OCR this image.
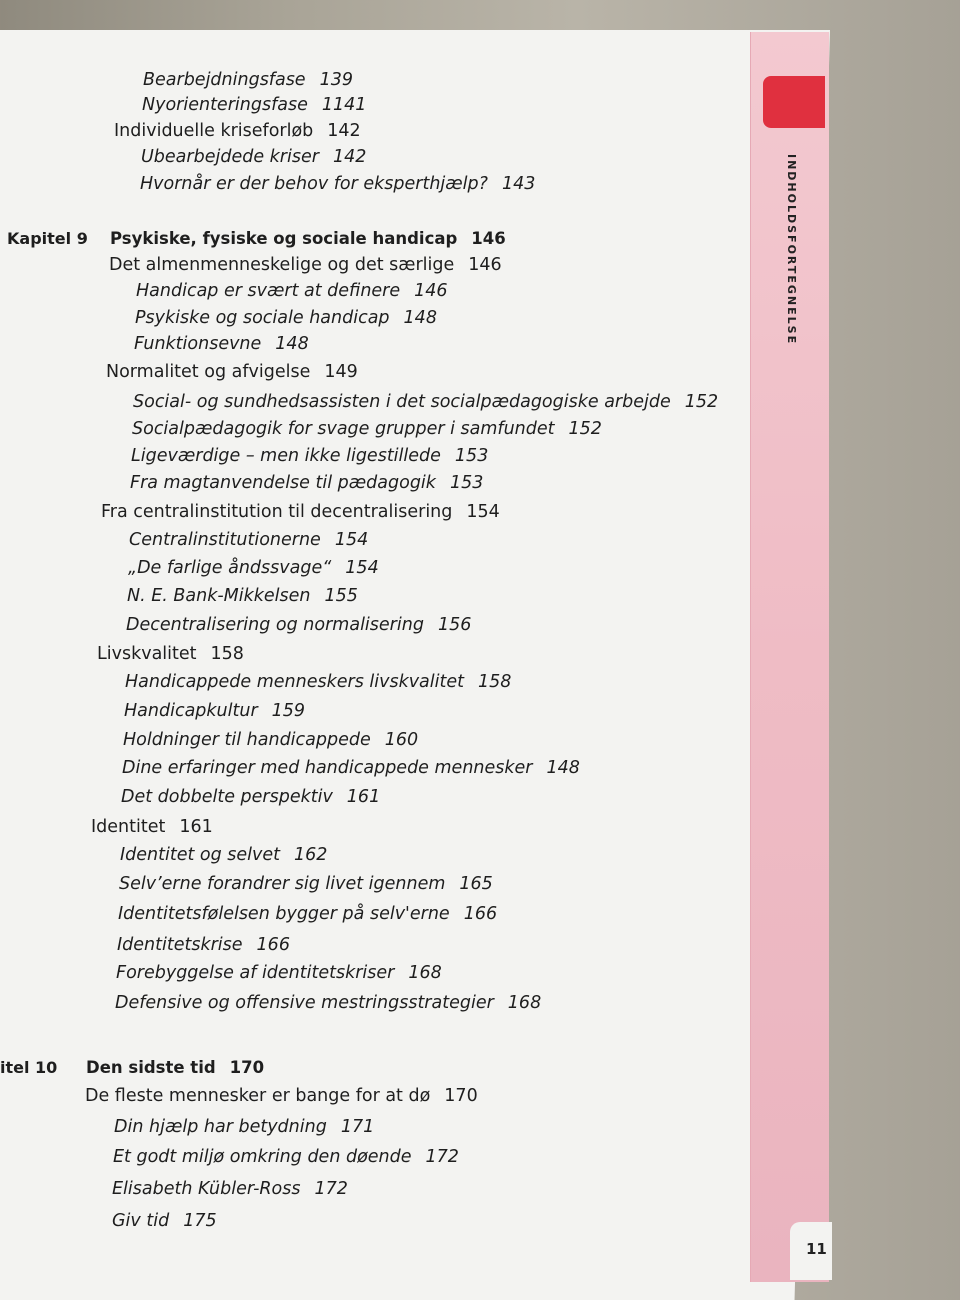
INDHOLDSFORTEGNELSE
11
Bearbejdningsfase 139
Nyorienteringsfase 1141
Individuelle kriseforløb 142
Ubearbejdede kriser 142
Hvornår er der behov for eksperthjælp? 143
Kapitel 9 Psykiske, fysiske og sociale handicap 146
Det almenmenneskelige og det særlige 146
Handicap er svært at definere 146
Psykiske og sociale handicap 148
Funktionsevne 148
Normalitet og afvigelse 149
Social- og sundhedsassisten i det socialpædagogiske arbejde 152
Socialpædagogik for svage grupper i samfundet 152
Ligeværdige – men ikke ligestillede 153
Fra magtanvendelse til pædagogik 153
Fra centralinstitution til decentralisering 154
Centralinstitutionerne 154
„De farlige åndssvage“ 154
N. E. Bank-Mikkelsen 155
Decentralisering og normalisering 156
Livskvalitet 158
Handicappede menneskers livskvalitet 158
Handicapkultur 159
Holdninger til handicappede 160
Dine erfaringer med handicappede mennesker 148
Det dobbelte perspektiv 161
Identitet 161
Identitet og selvet 162
Selv’erne forandrer sig livet igennem 165
Identitetsfølelsen bygger på selv'erne 166
Identitetskrise 166
Forebyggelse af identitetskriser 168
Defensive og offensive mestringsstrategier 168
itel 10 Den sidste tid 170
De fleste mennesker er bange for at dø 170
Din hjælp har betydning 171
Et godt miljø omkring den døende 172
Elisabeth Kübler-Ross 172
Giv tid 175
